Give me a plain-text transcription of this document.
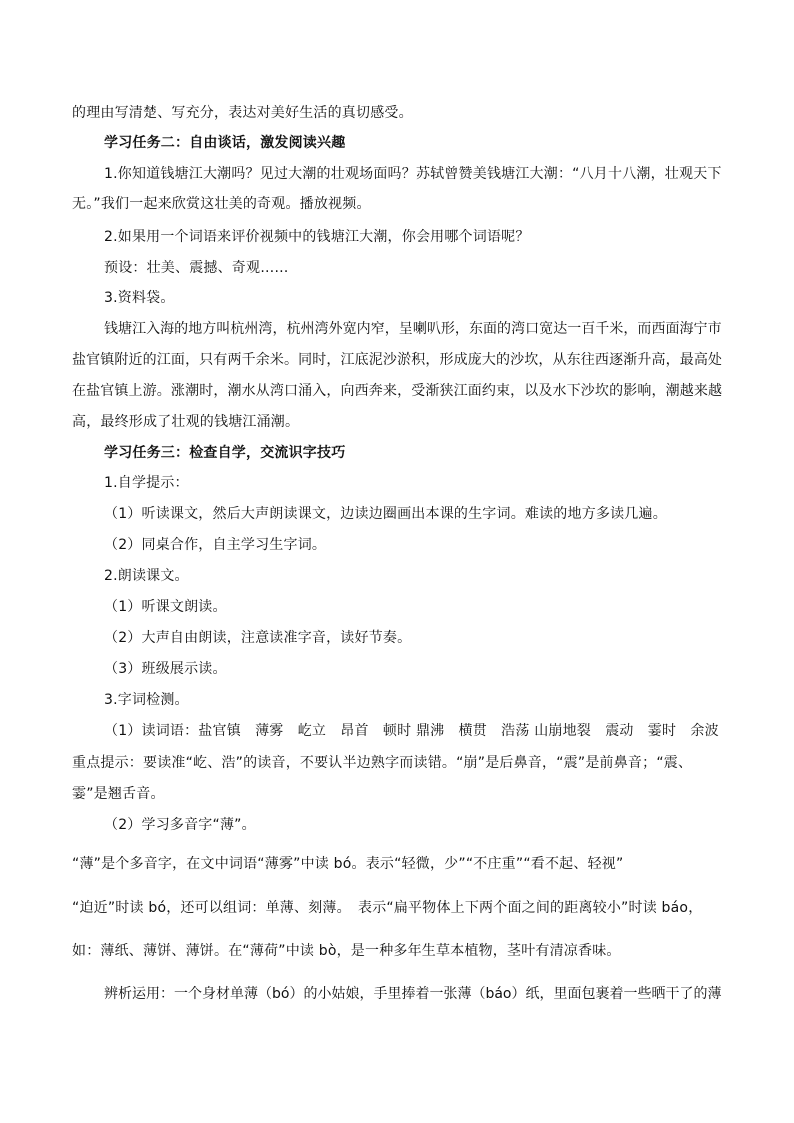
的理由写清楚、写充分，表达对美好生活的真切感受。
学习任务二：自由谈话，激发阅读兴趣
1.你知道钱塘江大潮吗？见过大潮的壮观场面吗？苏轼曾赞美钱塘江大潮：“八月十八潮，壮观天下
无。”我们一起来欣赏这壮美的奇观。播放视频。
2.如果用一个词语来评价视频中的钱塘江大潮，你会用哪个词语呢？
预设：壮美、震撼、奇观……
3.资料袋。
钱塘江入海的地方叫杭州湾，杭州湾外宽内窄，呈喇叭形，东面的湾口宽达一百千米，而西面海宁市
盐官镇附近的江面，只有两千余米。同时，江底泥沙淤积，形成庞大的沙坎，从东往西逐渐升高，最高处
在盐官镇上游。涨潮时，潮水从湾口涌入，向西奔来，受渐狭江面约束，以及水下沙坎的影响，潮越来越
高，最终形成了壮观的钱塘江涌潮。
学习任务三：检查自学，交流识字技巧
1.自学提示：
（1）听读课文，然后大声朗读课文，边读边圈画出本课的生字词。难读的地方多读几遍。
（2）同桌合作，自主学习生字词。
2.朗读课文。
（1）听课文朗读。
（2）大声自由朗读，注意读准字音，读好节奏。
（3）班级展示读。
3.字词检测。
（1）读词语：盐官镇　薄雾　屹立　昂首　顿时 鼎沸　横贯　浩荡 山崩地裂　震动　霎时　余波
重点提示：要读准“屹、浩”的读音，不要认半边熟字而读错。“崩”是后鼻音，“震”是前鼻音；“震、
霎”是翘舌音。
（2）学习多音字“薄”。
“薄”是个多音字，在文中词语“薄雾”中读 bó。表示“轻微，少”“不庄重”“看不起、轻视”
“迫近”时读 bó，还可以组词：单薄、刻薄。　表示“扁平物体上下两个面之间的距离较小”时读 báo，
如：薄纸、薄饼、薄饼。在“薄荷”中读 bò，是一种多年生草本植物，茎叶有清凉香味。
辨析运用：一个身材单薄（bó）的小姑娘，手里捧着一张薄（báo）纸，里面包裹着一些晒干了的薄
